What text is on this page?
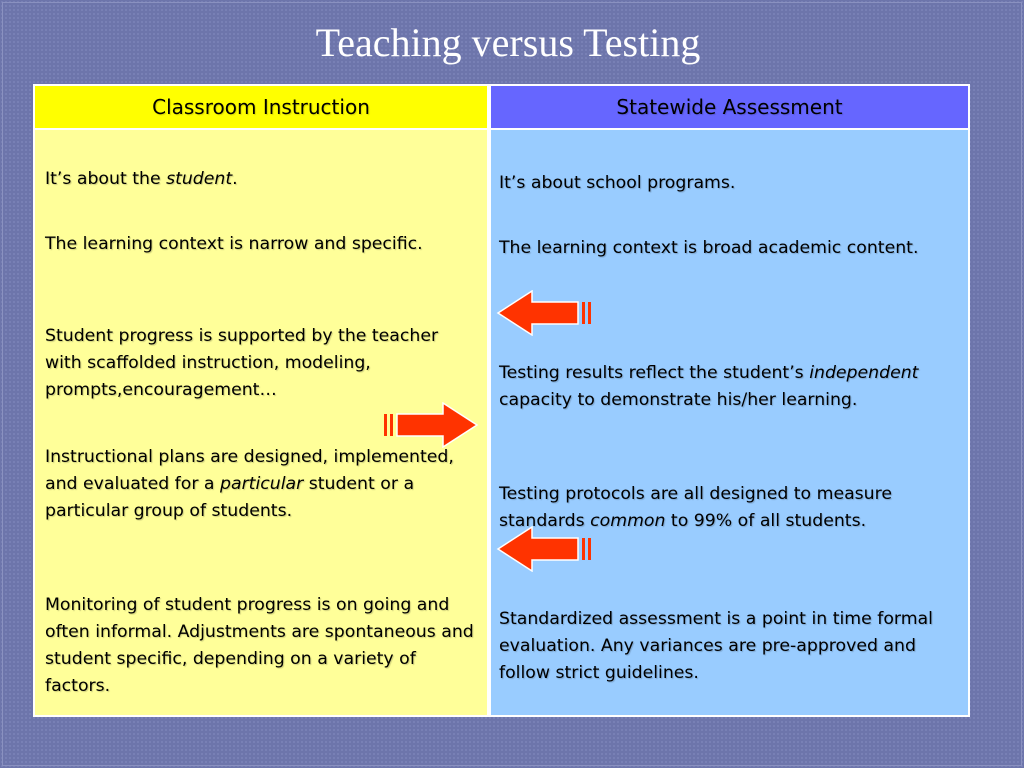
Teaching versus Testing
Classroom Instruction

It’s about the student.

The learning context is narrow and specific.

Student progress is supported by the teacher with scaffolded instruction, modeling, prompts,encouragement…

Instructional plans are designed, implemented, and evaluated for a particular student or a particular group of students.

Monitoring of student progress is on going and often informal. Adjustments are spontaneous and student specific, depending on a variety of factors.

Statewide Assessment

It’s about school programs.

The learning context is broad academic content.

Testing results reflect the student’s independent capacity to demonstrate his/her learning.

Testing protocols are all designed to measure standards common to 99% of all students.

Standardized assessment is a point in time formal evaluation. Any variances are pre-approved and follow strict guidelines.
